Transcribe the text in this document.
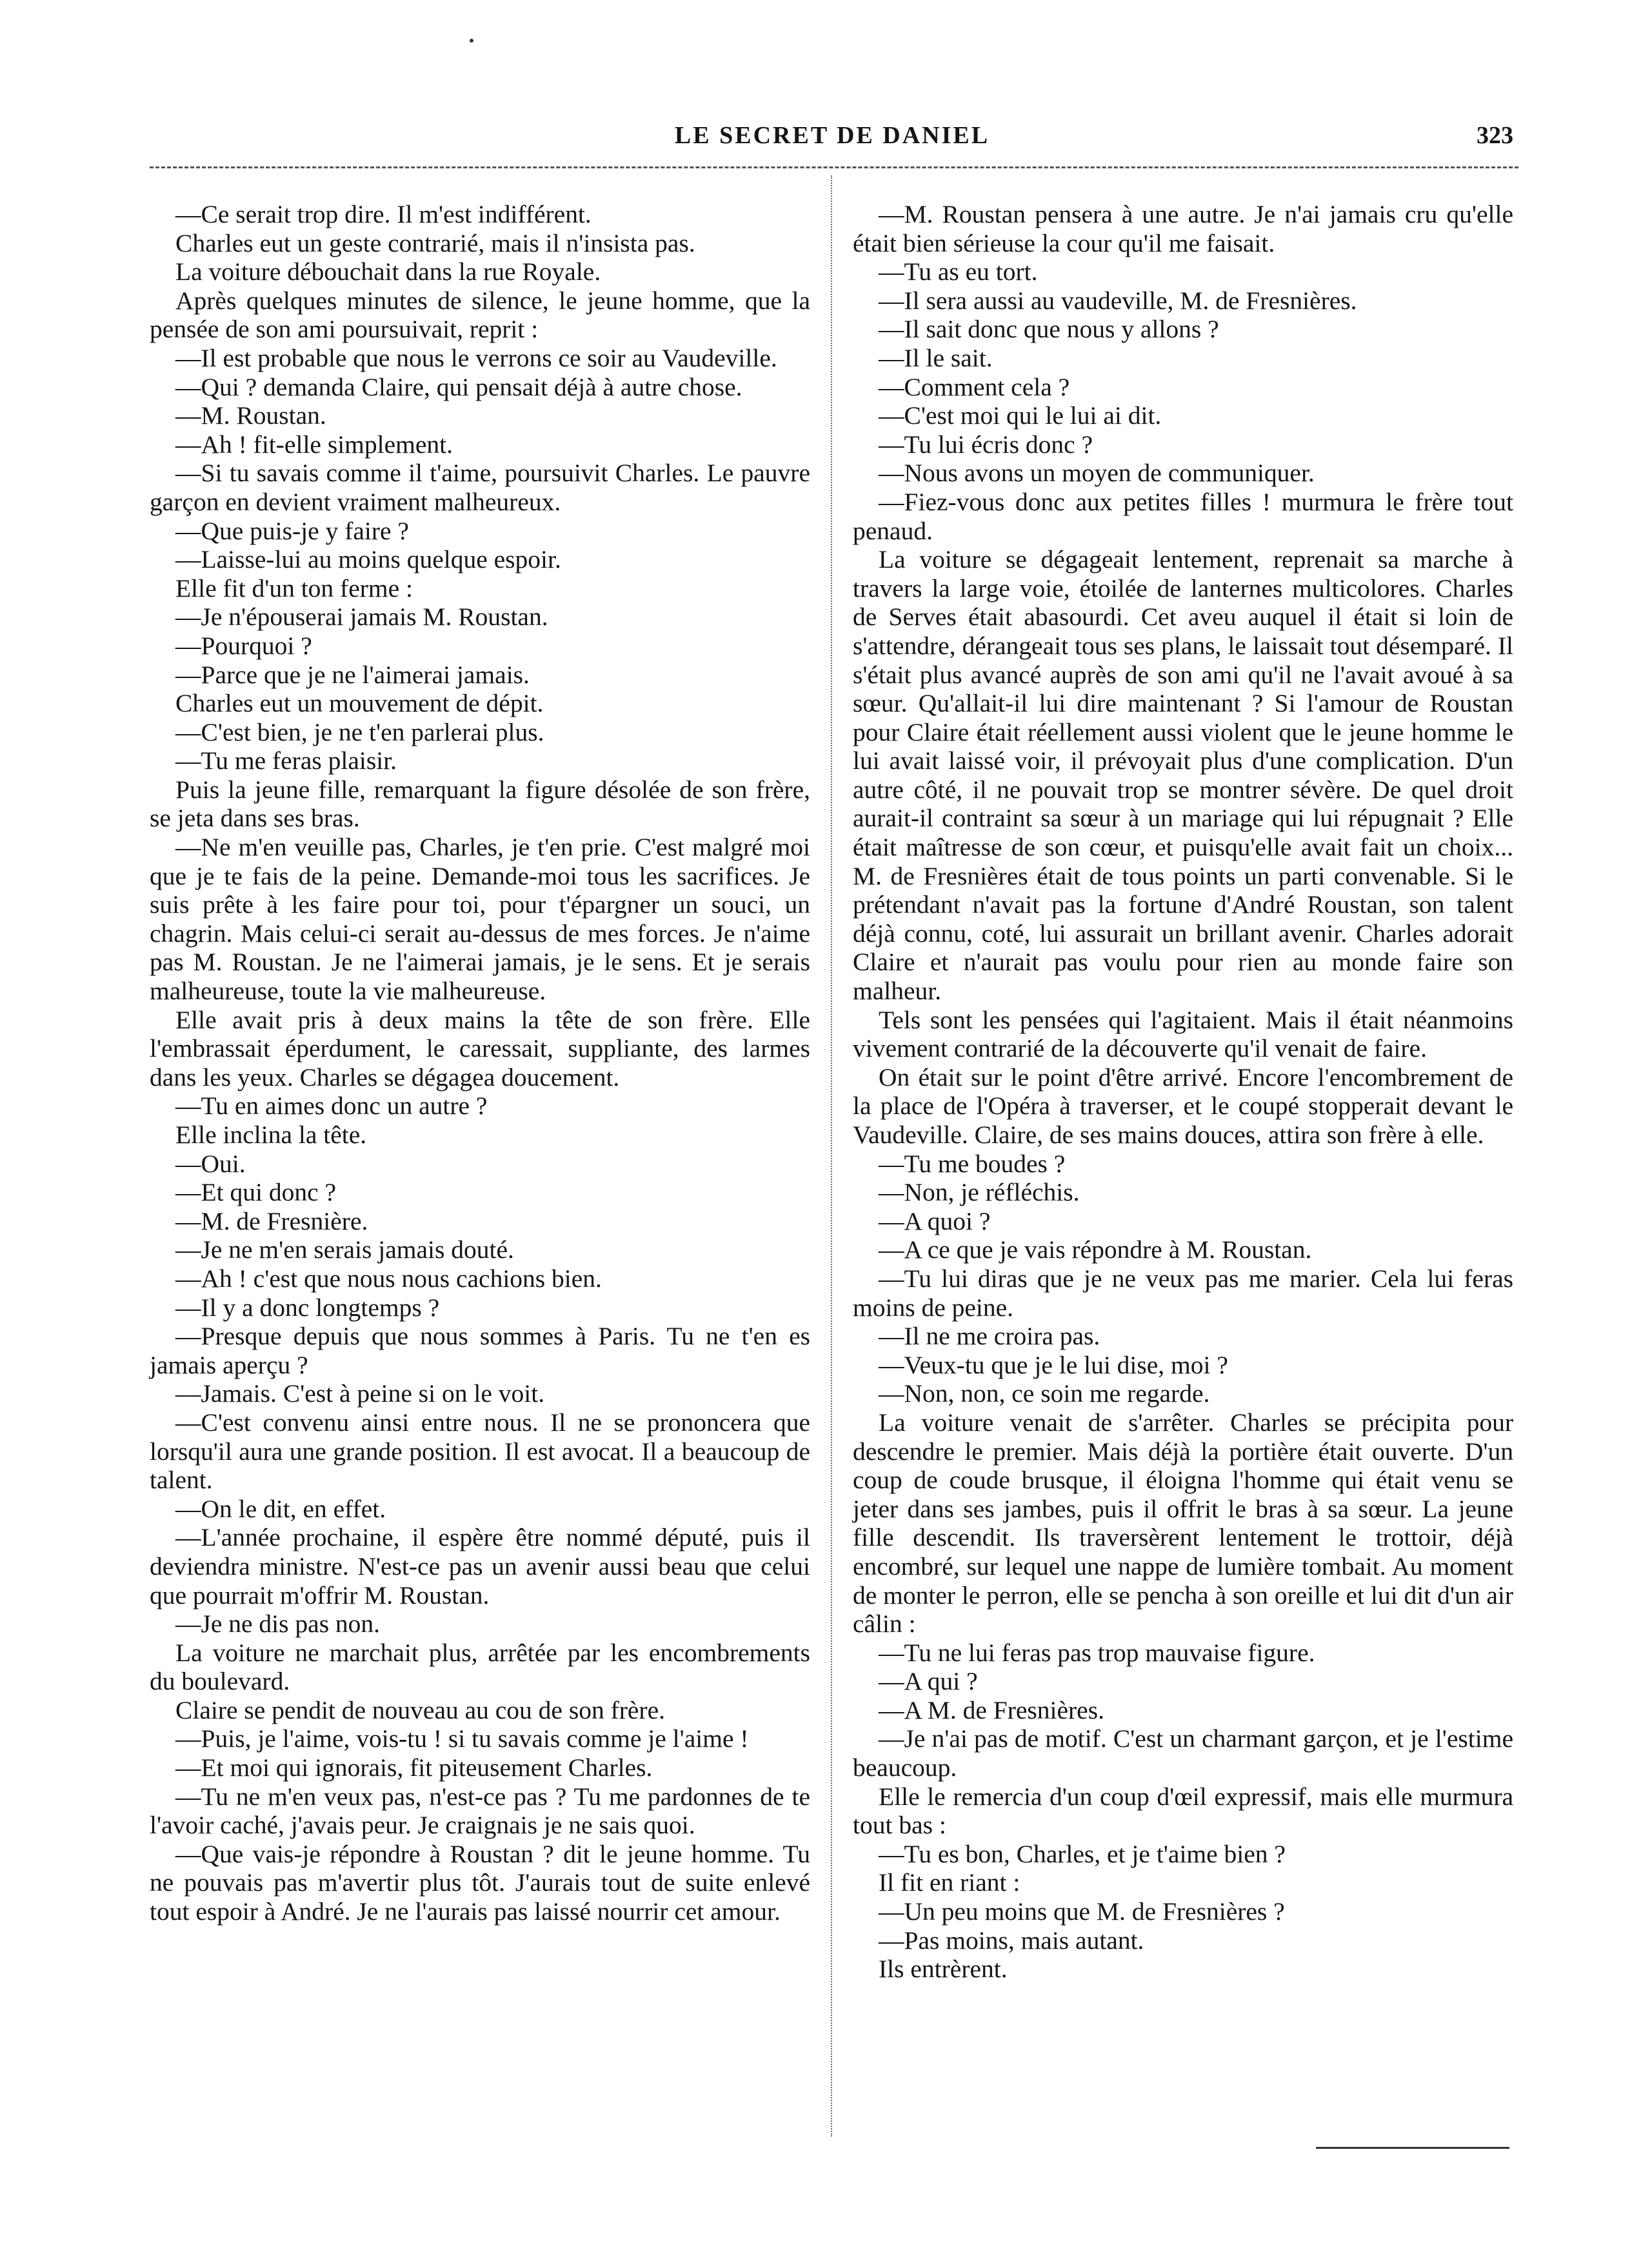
LE SECRET DE DANIEL	323

—Ce serait trop dire. Il m'est indifférent.

Charles eut un geste contrarié, mais il n'insista pas.

La voiture débouchait dans la rue Royale.

Après quelques minutes de silence, le jeune homme, que la pensée de son ami poursuivait, reprit :

—Il est probable que nous le verrons ce soir au Vaudeville.

—Qui ? demanda Claire, qui pensait déjà à autre chose.

—M. Roustan.

—Ah ! fit-elle simplement.

—Si tu savais comme il t'aime, poursuivit Charles. Le pauvre garçon en devient vraiment malheureux.

—Que puis-je y faire ?

—Laisse-lui au moins quelque espoir.

Elle fit d'un ton ferme :

—Je n'épouserai jamais M. Roustan.

—Pourquoi ?

—Parce que je ne l'aimerai jamais.

Charles eut un mouvement de dépit.

—C'est bien, je ne t'en parlerai plus.

—Tu me feras plaisir.

Puis la jeune fille, remarquant la figure désolée de son frère, se jeta dans ses bras.

—Ne m'en veuille pas, Charles, je t'en prie. C'est malgré moi que je te fais de la peine. Demande-moi tous les sacrifices. Je suis prête à les faire pour toi, pour t'épargner un souci, un chagrin. Mais celui-ci serait au-dessus de mes forces. Je n'aime pas M. Roustan. Je ne l'aimerai jamais, je le sens. Et je serais malheureuse, toute la vie malheureuse.

Elle avait pris à deux mains la tête de son frère. Elle l'embrassait éperdument, le caressait, suppliante, des larmes dans les yeux. Charles se dégagea doucement.

—Tu en aimes donc un autre ?

Elle inclina la tête.

—Oui.

—Et qui donc ?

—M. de Fresnière.

—Je ne m'en serais jamais douté.

—Ah ! c'est que nous nous cachions bien.

—Il y a donc longtemps ?

—Presque depuis que nous sommes à Paris. Tu ne t'en es jamais aperçu ?

—Jamais. C'est à peine si on le voit.

—C'est convenu ainsi entre nous. Il ne se prononcera que lorsqu'il aura une grande position. Il est avocat. Il a beaucoup de talent.

—On le dit, en effet.

—L'année prochaine, il espère être nommé député, puis il deviendra ministre. N'est-ce pas un avenir aussi beau que celui que pourrait m'offrir M. Roustan.

—Je ne dis pas non.

La voiture ne marchait plus, arrêtée par les encombrements du boulevard.

Claire se pendit de nouveau au cou de son frère.

—Puis, je l'aime, vois-tu ! si tu savais comme je l'aime !

—Et moi qui ignorais, fit piteusement Charles.

—Tu ne m'en veux pas, n'est-ce pas ? Tu me pardonnes de te l'avoir caché, j'avais peur. Je craignais je ne sais quoi.

—Que vais-je répondre à Roustan ? dit le jeune homme. Tu ne pouvais pas m'avertir plus tôt. J'aurais tout de suite enlevé tout espoir à André. Je ne l'aurais pas laissé nourrir cet amour.

—M. Roustan pensera à une autre. Je n'ai jamais cru qu'elle était bien sérieuse la cour qu'il me faisait.

—Tu as eu tort.

—Il sera aussi au vaudeville, M. de Fresnières.

—Il sait donc que nous y allons ?

—Il le sait.

—Comment cela ?

—C'est moi qui le lui ai dit.

—Tu lui écris donc ?

—Nous avons un moyen de communiquer.

—Fiez-vous donc aux petites filles ! murmura le frère tout penaud.

La voiture se dégageait lentement, reprenait sa marche à travers la large voie, étoilée de lanternes multicolores. Charles de Serves était abasourdi. Cet aveu auquel il était si loin de s'attendre, dérangeait tous ses plans, le laissait tout désemparé. Il s'était plus avancé auprès de son ami qu'il ne l'avait avoué à sa sœur. Qu'allait-il lui dire maintenant ? Si l'amour de Roustan pour Claire était réellement aussi violent que le jeune homme le lui avait laissé voir, il prévoyait plus d'une complication. D'un autre côté, il ne pouvait trop se montrer sévère. De quel droit aurait-il contraint sa sœur à un mariage qui lui répugnait ? Elle était maîtresse de son cœur, et puisqu'elle avait fait un choix... M. de Fresnières était de tous points un parti convenable. Si le prétendant n'avait pas la fortune d'André Roustan, son talent déjà connu, coté, lui assurait un brillant avenir. Charles adorait Claire et n'aurait pas voulu pour rien au monde faire son malheur.

Tels sont les pensées qui l'agitaient. Mais il était néanmoins vivement contrarié de la découverte qu'il venait de faire.

On était sur le point d'être arrivé. Encore l'encombrement de la place de l'Opéra à traverser, et le coupé stopperait devant le Vaudeville. Claire, de ses mains douces, attira son frère à elle.

—Tu me boudes ?

—Non, je réfléchis.

—A quoi ?

—A ce que je vais répondre à M. Roustan.

—Tu lui diras que je ne veux pas me marier. Cela lui feras moins de peine.

—Il ne me croira pas.

—Veux-tu que je le lui dise, moi ?

—Non, non, ce soin me regarde.

La voiture venait de s'arrêter. Charles se précipita pour descendre le premier. Mais déjà la portière était ouverte. D'un coup de coude brusque, il éloigna l'homme qui était venu se jeter dans ses jambes, puis il offrit le bras à sa sœur. La jeune fille descendit. Ils traversèrent lentement le trottoir, déjà encombré, sur lequel une nappe de lumière tombait. Au moment de monter le perron, elle se pencha à son oreille et lui dit d'un air câlin :

—Tu ne lui feras pas trop mauvaise figure.

—A qui ?

—A M. de Fresnières.

—Je n'ai pas de motif. C'est un charmant garçon, et je l'estime beaucoup.

Elle le remercia d'un coup d'œil expressif, mais elle murmura tout bas :

—Tu es bon, Charles, et je t'aime bien ?

Il fit en riant :

—Un peu moins que M. de Fresnières ?

—Pas moins, mais autant.

Ils entrèrent.
